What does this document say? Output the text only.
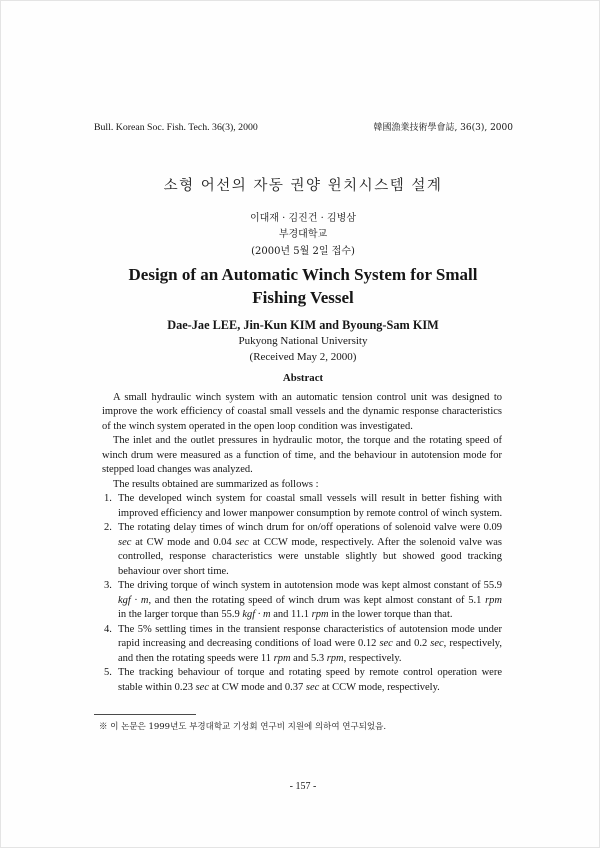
Bull. Korean Soc. Fish. Tech. 36(3), 2000	韓國漁業技術學會誌, 36(3), 2000
소형 어선의 자동 권양 윈치시스템 설계
이대재 · 김진건 · 김병삼
부경대학교
(2000년 5월 2일 접수)
Design of an Automatic Winch System for Small
Fishing Vessel
Dae-Jae LEE, Jin-Kun KIM and Byoung-Sam KIM
Pukyong National University
(Received May 2, 2000)
Abstract
A small hydraulic winch system with an automatic tension control unit was designed to
improve the work efficiency of coastal small vessels and the dynamic response characteristics
of the winch system operated in the open loop condition was investigated.
The inlet and the outlet pressures in hydraulic motor, the torque and the rotating speed of
winch drum were measured as a function of time, and the behaviour in autotension mode for
stepped load changes was analyzed.
The results obtained are summarized as follows :
1. The developed winch system for coastal small vessels will result in better fishing with
improved efficiency and lower manpower consumption by remote control of winch system.
2. The rotating delay times of winch drum for on/off operations of solenoid valve were 0.09
sec at CW mode and 0.04 sec at CCW mode, respectively. After the solenoid valve was
controlled, response characteristics were unstable slightly but showed good tracking
behaviour over short time.
3. The driving torque of winch system in autotension mode was kept almost constant of 55.9
kgf · m, and then the rotating speed of winch drum was kept almost constant of 5.1 rpm
in the larger torque than 55.9 kgf · m and 11.1 rpm in the lower torque than that.
4. The 5% settling times in the transient response characteristics of autotension mode under
rapid increasing and decreasing conditions of load were 0.12 sec and 0.2 sec, respectively,
and then the rotating speeds were 11 rpm and 5.3 rpm, respectively.
5. The tracking behaviour of torque and rotating speed by remote control operation were
stable within 0.23 sec at CW mode and 0.37 sec at CCW mode, respectively.
※ 이 논문은 1999년도 부경대학교 기성회 연구비 지원에 의하여 연구되었음.
- 157 -
